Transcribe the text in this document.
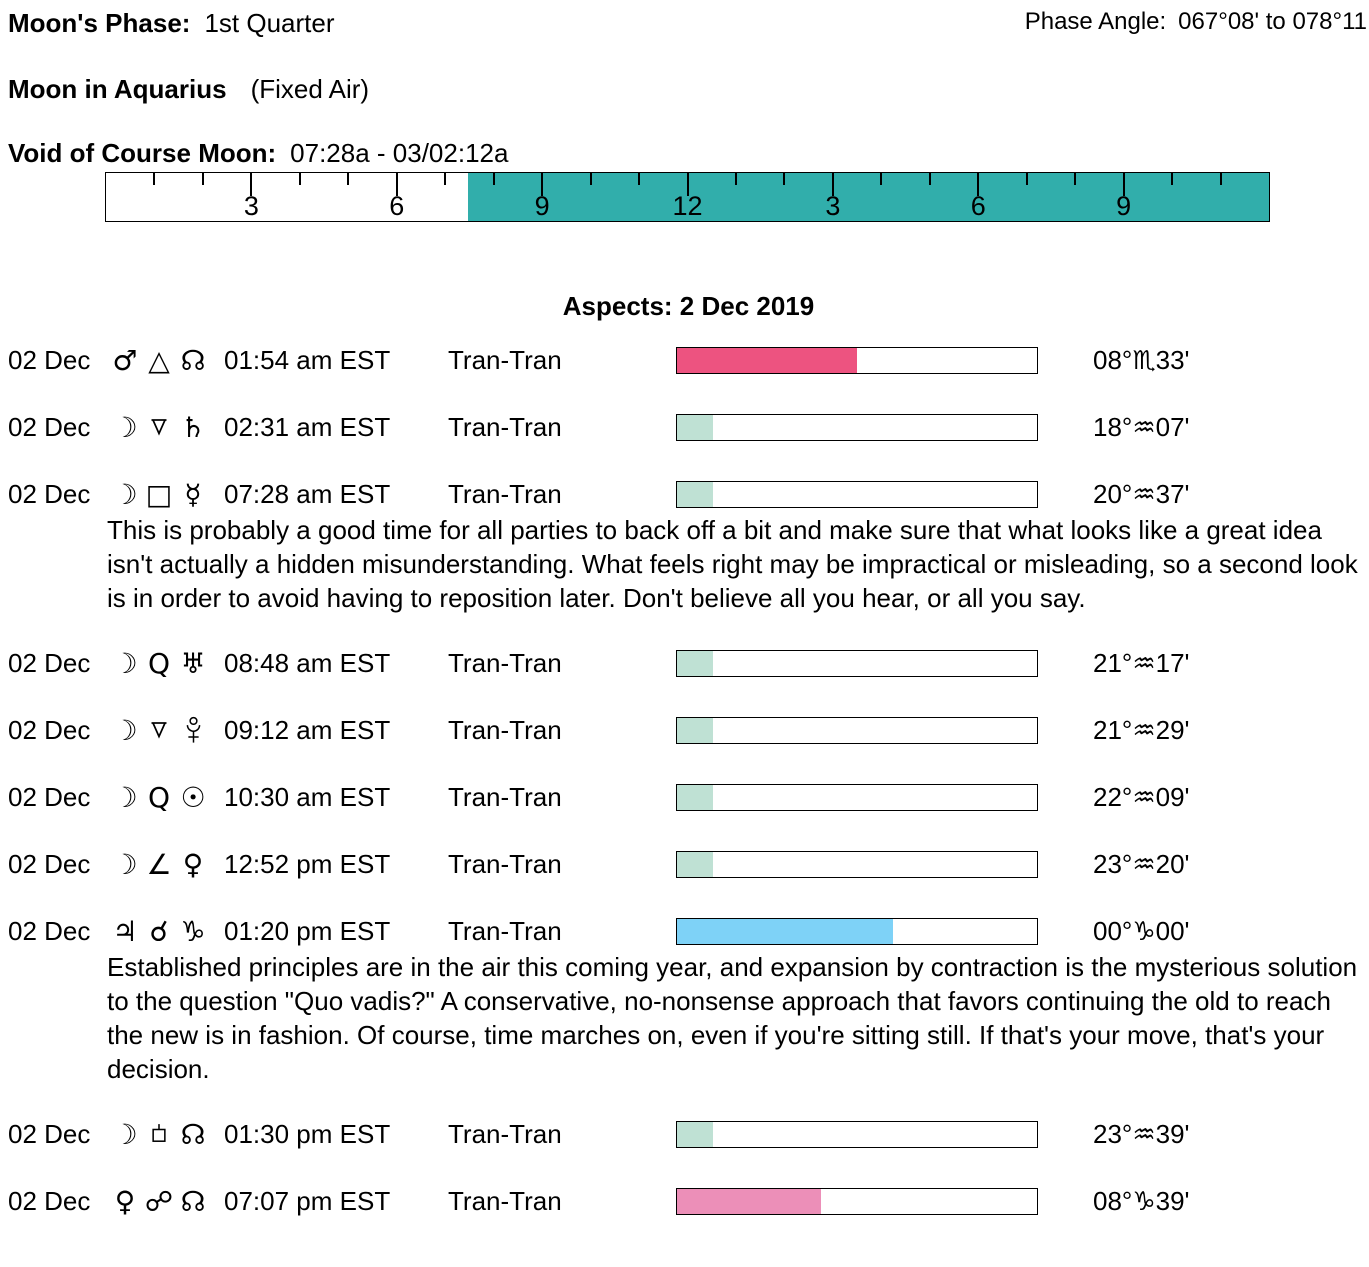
Moon's Phase: 1st Quarter	Phase Angle: 067°08' to 078°11
Moon in Aquarius (Fixed Air)
Void of Course Moon: 07:28a - 03/02:12a
3	6	9	12	3	6	9
Aspects: 2 Dec 2019
02 Dec ♂ △ ☊ 01:54 am EST	Tran-Tran	08°♏33'
02 Dec ☽ ♄ 02:31 am EST	Tran-Tran	18°♒07'
02 Dec ☽ □ ☿ 07:28 am EST	Tran-Tran	20°♒37'
This is probably a good time for all parties to back off a bit and make sure that what looks like a great idea isn't actually a hidden misunderstanding. What feels right may be impractical or misleading, so a second look is in order to avoid having to reposition later. Don't believe all you hear, or all you say.
02 Dec ☽ Q ♅ 08:48 am EST	Tran-Tran	21°♒17'
02 Dec ☽	09:12 am EST	Tran-Tran	21°♒29'
02 Dec ☽ Q ☉ 10:30 am EST	Tran-Tran	22°♒09'
02 Dec ☽ ∠ ♀ 12:52 pm EST	Tran-Tran	23°♒20'
02 Dec ♃ ☌ ♑ 01:20 pm EST	Tran-Tran	00°♑00'
Established principles are in the air this coming year, and expansion by contraction is the mysterious solution to the question "Quo vadis?" A conservative, no-nonsense approach that favors continuing the old to reach the new is in fashion. Of course, time marches on, even if you're sitting still. If that's your move, that's your decision.
02 Dec ☽ ☊ 01:30 pm EST	Tran-Tran	23°♒39'
02 Dec ♀ ☍ ☊ 07:07 pm EST	Tran-Tran	08°♑39'
